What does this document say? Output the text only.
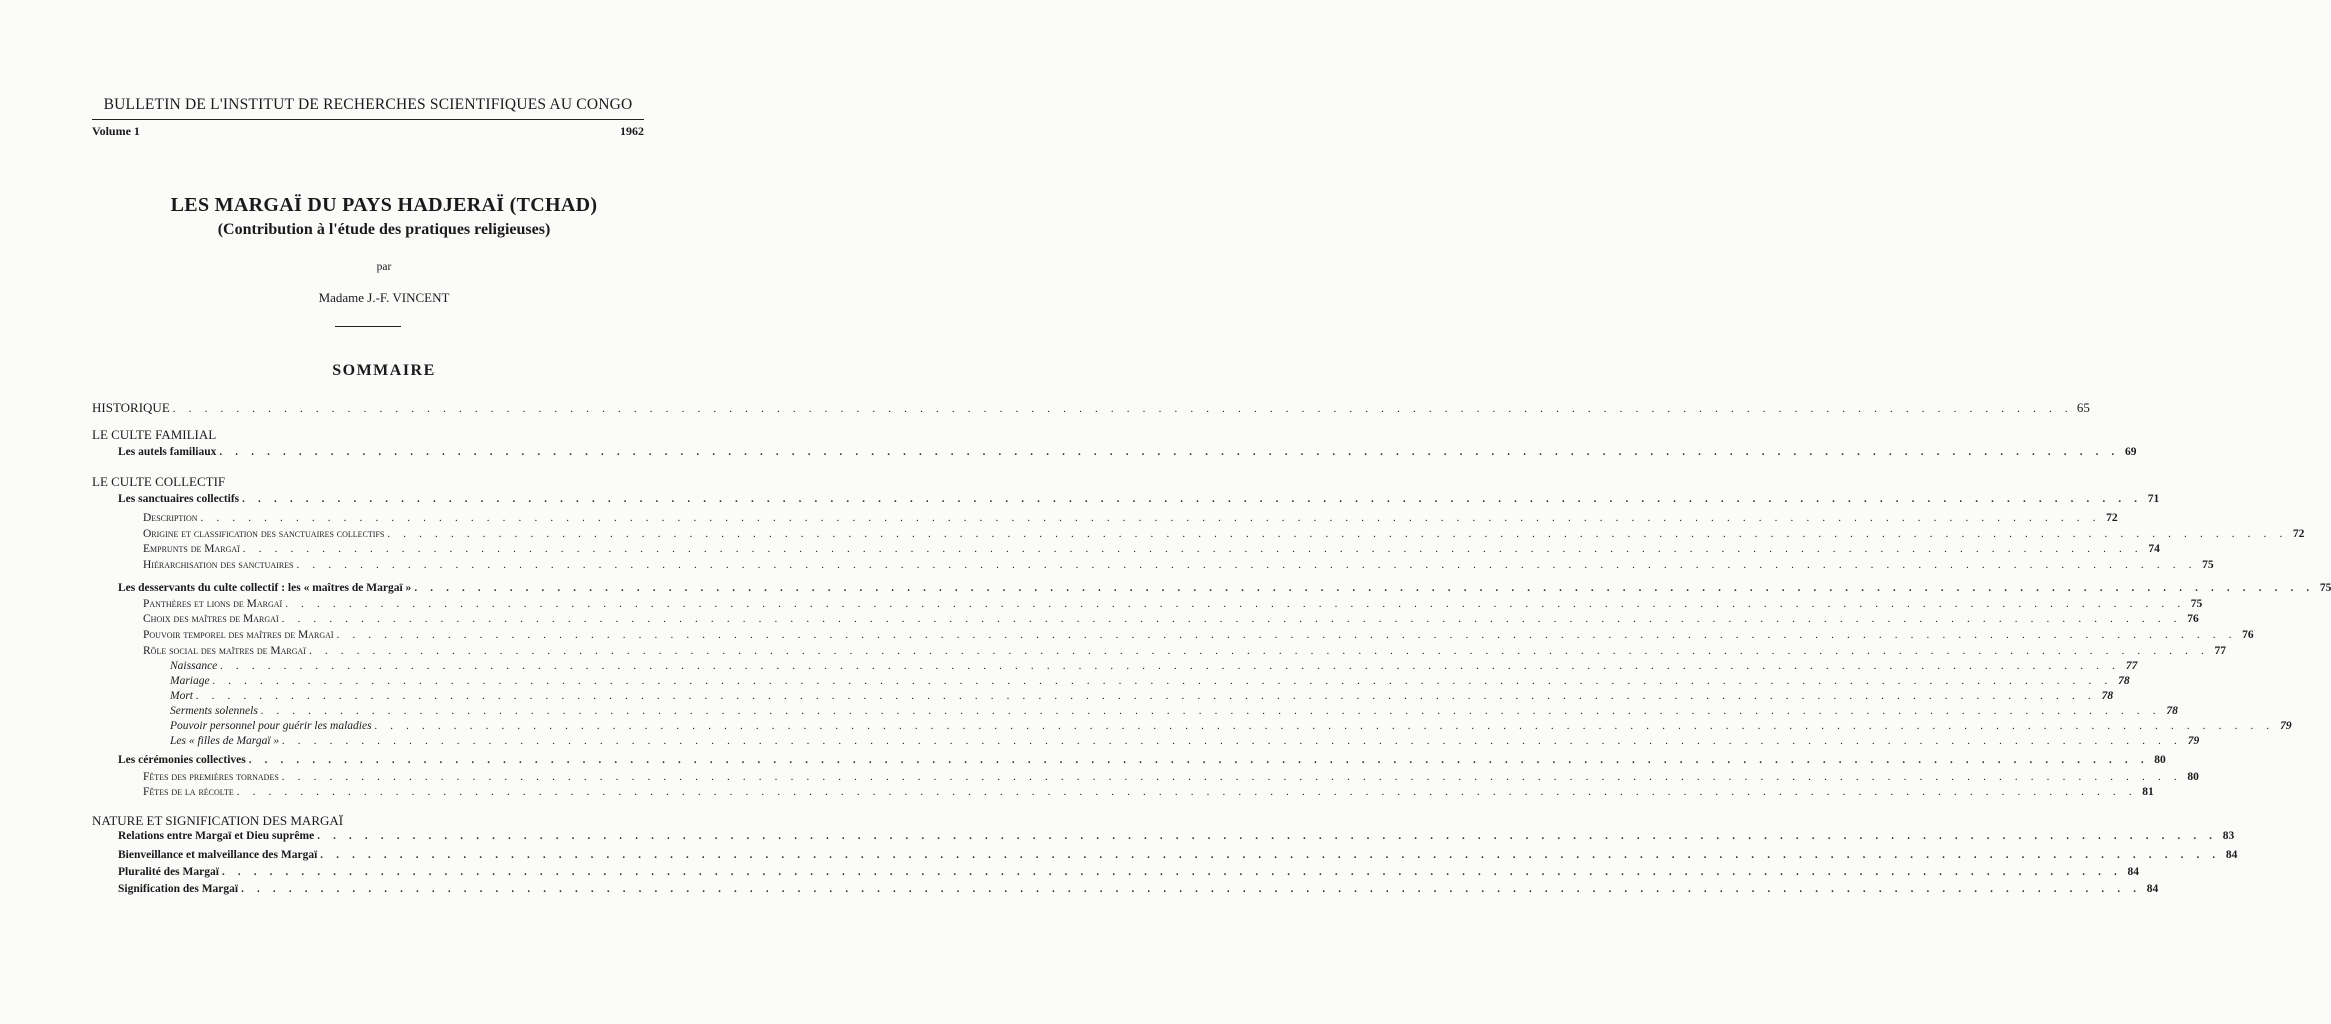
BULLETIN DE L'INSTITUT DE RECHERCHES SCIENTIFIQUES AU CONGO
Volume 1	1962
LES MARGAÏ DU PAYS HADJERAÏ (TCHAD)
(Contribution à l'étude des pratiques religieuses)
par
Madame J.-F. VINCENT
SOMMAIRE
HISTORIQUE . . . . . . . . . . . . . . . . . . . . . . . . . . . . . . . . . . . . . . . . . . . . . . . . . . . . . . . . . . . . . . . . . . . . . . . . . . . . . . . . . . . . . . . . . . . . . . . . . . . . . . . . . . . . . . . . . . . . . . . . 65
LE CULTE FAMILIAL
Les autels familiaux . . . . . . . . . . . . . . . . . . . . . . . . . . . . . . . . . . . . . . . . . . . . . . . . . . . . . . . . . . . . . . . . . . . . . . . . . . . . . . . . . . . . . . . . . . . . . . . . . . . . . . . . . . . . . . . . . . . . . . . . 69
LE CULTE COLLECTIF
Les sanctuaires collectifs . . . . . . . . . . . . . . . . . . . . . . . . . . . . . . . . . . . . . . . . . . . . . . . . . . . . . . . . . . . . . . . . . . . . . . . . . . . . . . . . . . . . . . . . . . . . . . . . . . . . . . . . . . . . . . . . . . . . . . . . 71
Description . . . . . . . . . . . . . . . . . . . . . . . . . . . . . . . . . . . . . . . . . . . . . . . . . . . . . . . . . . . . . . . . . . . . . . . . . . . . . . . . . . . . . . . . . . . . . . . . . . . . . . . . . . . . . . . . . . . . . . . . 72
Origine et classification des sanctuaires collectifs . . . . . . . . . . . . . . . . . . . . . . . . . . . . . . . . . . . . . . . . . . . . . . . . . . . . . . . . . . . . . . . . . . . . . . . . . . . . . . . . . . . . . . . . . . . . . . . . . . . . . . . . . . . . . . . . . . . . . . . . 72
Emprunts de Margaï . . . . . . . . . . . . . . . . . . . . . . . . . . . . . . . . . . . . . . . . . . . . . . . . . . . . . . . . . . . . . . . . . . . . . . . . . . . . . . . . . . . . . . . . . . . . . . . . . . . . . . . . . . . . . . . . . . . . . . . . 74
Hiérarchisation des sanctuaires . . . . . . . . . . . . . . . . . . . . . . . . . . . . . . . . . . . . . . . . . . . . . . . . . . . . . . . . . . . . . . . . . . . . . . . . . . . . . . . . . . . . . . . . . . . . . . . . . . . . . . . . . . . . . . . . . . . . . . . . 75
Les desservants du culte collectif : les « maîtres de Margaï » . . . . . . . . . . . . . . . . . . . . . . . . . . . . . . . . . . . . . . . . . . . . . . . . . . . . . . . . . . . . . . . . . . . . . . . . . . . . . . . . . . . . . . . . . . . . . . . . . . . . . . . . . . . . . . . . . . . . . . . . 75
Panthères et lions de Margaï . . . . . . . . . . . . . . . . . . . . . . . . . . . . . . . . . . . . . . . . . . . . . . . . . . . . . . . . . . . . . . . . . . . . . . . . . . . . . . . . . . . . . . . . . . . . . . . . . . . . . . . . . . . . . . . . . . . . . . . . 75
Choix des maîtres de Margaï . . . . . . . . . . . . . . . . . . . . . . . . . . . . . . . . . . . . . . . . . . . . . . . . . . . . . . . . . . . . . . . . . . . . . . . . . . . . . . . . . . . . . . . . . . . . . . . . . . . . . . . . . . . . . . . . . . . . . . . . 76
Pouvoir temporel des maîtres de Margaï . . . . . . . . . . . . . . . . . . . . . . . . . . . . . . . . . . . . . . . . . . . . . . . . . . . . . . . . . . . . . . . . . . . . . . . . . . . . . . . . . . . . . . . . . . . . . . . . . . . . . . . . . . . . . . . . . . . . . . . . 76
Rôle social des maîtres de Margaï . . . . . . . . . . . . . . . . . . . . . . . . . . . . . . . . . . . . . . . . . . . . . . . . . . . . . . . . . . . . . . . . . . . . . . . . . . . . . . . . . . . . . . . . . . . . . . . . . . . . . . . . . . . . . . . . . . . . . . . . 77
Naissance . . . . . . . . . . . . . . . . . . . . . . . . . . . . . . . . . . . . . . . . . . . . . . . . . . . . . . . . . . . . . . . . . . . . . . . . . . . . . . . . . . . . . . . . . . . . . . . . . . . . . . . . . . . . . . . . . . . . . . . . 77
Mariage . . . . . . . . . . . . . . . . . . . . . . . . . . . . . . . . . . . . . . . . . . . . . . . . . . . . . . . . . . . . . . . . . . . . . . . . . . . . . . . . . . . . . . . . . . . . . . . . . . . . . . . . . . . . . . . . . . . . . . . . 78
Mort . . . . . . . . . . . . . . . . . . . . . . . . . . . . . . . . . . . . . . . . . . . . . . . . . . . . . . . . . . . . . . . . . . . . . . . . . . . . . . . . . . . . . . . . . . . . . . . . . . . . . . . . . . . . . . . . . . . . . . . . 78
Serments solennels . . . . . . . . . . . . . . . . . . . . . . . . . . . . . . . . . . . . . . . . . . . . . . . . . . . . . . . . . . . . . . . . . . . . . . . . . . . . . . . . . . . . . . . . . . . . . . . . . . . . . . . . . . . . . . . . . . . . . . . . 78
Pouvoir personnel pour guérir les maladies . . . . . . . . . . . . . . . . . . . . . . . . . . . . . . . . . . . . . . . . . . . . . . . . . . . . . . . . . . . . . . . . . . . . . . . . . . . . . . . . . . . . . . . . . . . . . . . . . . . . . . . . . . . . . . . . . . . . . . . . 79
Les « filles de Margaï » . . . . . . . . . . . . . . . . . . . . . . . . . . . . . . . . . . . . . . . . . . . . . . . . . . . . . . . . . . . . . . . . . . . . . . . . . . . . . . . . . . . . . . . . . . . . . . . . . . . . . . . . . . . . . . . . . . . . . . . . 79
Les cérémonies collectives . . . . . . . . . . . . . . . . . . . . . . . . . . . . . . . . . . . . . . . . . . . . . . . . . . . . . . . . . . . . . . . . . . . . . . . . . . . . . . . . . . . . . . . . . . . . . . . . . . . . . . . . . . . . . . . . . . . . . . . . 80
Fêtes des premières tornades . . . . . . . . . . . . . . . . . . . . . . . . . . . . . . . . . . . . . . . . . . . . . . . . . . . . . . . . . . . . . . . . . . . . . . . . . . . . . . . . . . . . . . . . . . . . . . . . . . . . . . . . . . . . . . . . . . . . . . . . 80
Fêtes de la récolte . . . . . . . . . . . . . . . . . . . . . . . . . . . . . . . . . . . . . . . . . . . . . . . . . . . . . . . . . . . . . . . . . . . . . . . . . . . . . . . . . . . . . . . . . . . . . . . . . . . . . . . . . . . . . . . . . . . . . . . . 81
NATURE ET SIGNIFICATION DES MARGAÏ
Relations entre Margaï et Dieu suprême . . . . . . . . . . . . . . . . . . . . . . . . . . . . . . . . . . . . . . . . . . . . . . . . . . . . . . . . . . . . . . . . . . . . . . . . . . . . . . . . . . . . . . . . . . . . . . . . . . . . . . . . . . . . . . . . . . . . . . . . 83
Bienveillance et malveillance des Margaï . . . . . . . . . . . . . . . . . . . . . . . . . . . . . . . . . . . . . . . . . . . . . . . . . . . . . . . . . . . . . . . . . . . . . . . . . . . . . . . . . . . . . . . . . . . . . . . . . . . . . . . . . . . . . . . . . . . . . . . . 84
Pluralité des Margaï . . . . . . . . . . . . . . . . . . . . . . . . . . . . . . . . . . . . . . . . . . . . . . . . . . . . . . . . . . . . . . . . . . . . . . . . . . . . . . . . . . . . . . . . . . . . . . . . . . . . . . . . . . . . . . . . . . . . . . . . 84
Signification des Margaï . . . . . . . . . . . . . . . . . . . . . . . . . . . . . . . . . . . . . . . . . . . . . . . . . . . . . . . . . . . . . . . . . . . . . . . . . . . . . . . . . . . . . . . . . . . . . . . . . . . . . . . . . . . . . . . . . . . . . . . . 84
